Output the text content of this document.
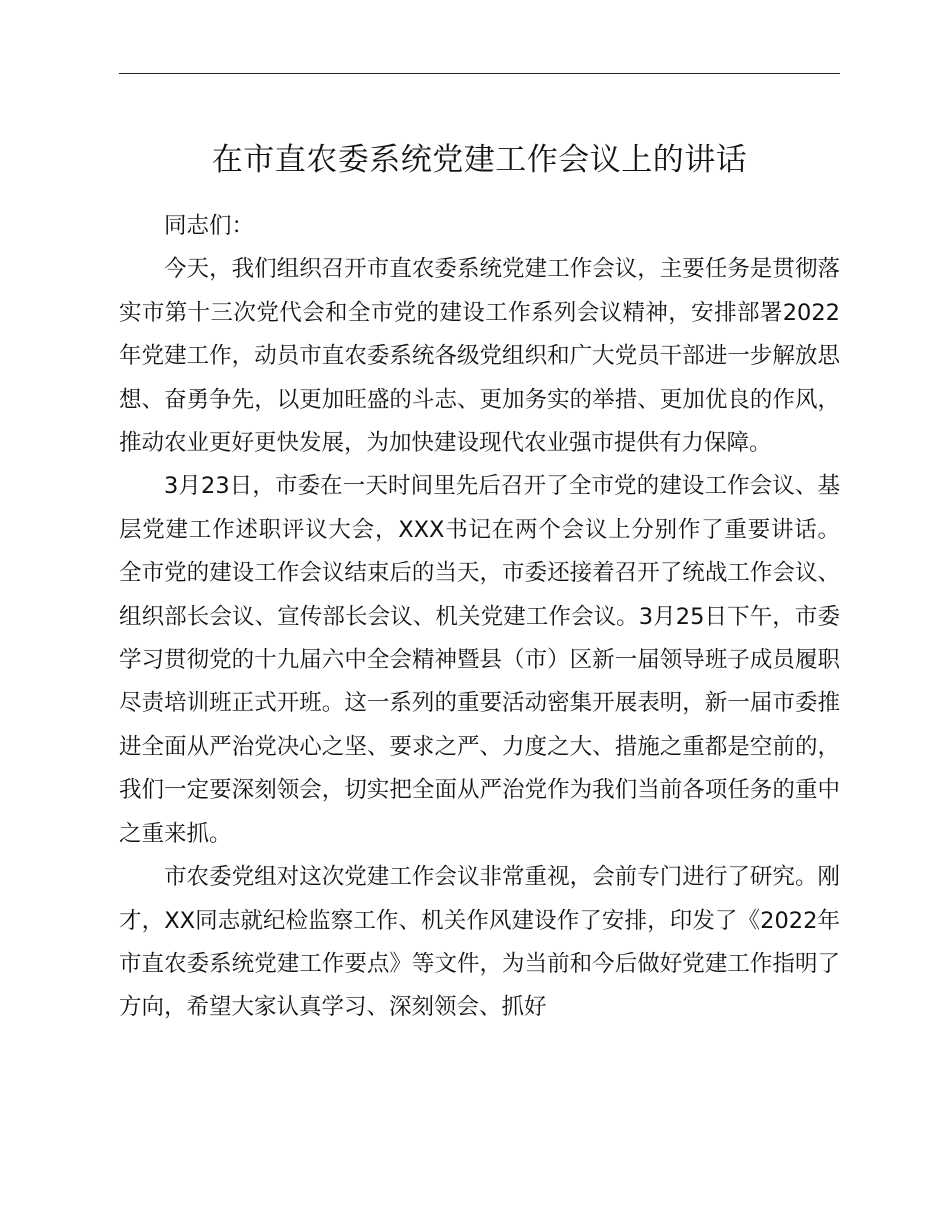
在市直农委系统党建工作会议上的讲话

同志们：

今天，我们组织召开市直农委系统党建工作会议，主要任务是贯彻落实市第十三次党代会和全市党的建设工作系列会议精神，安排部署2022年党建工作，动员市直农委系统各级党组织和广大党员干部进一步解放思想、奋勇争先，以更加旺盛的斗志、更加务实的举措、更加优良的作风，推动农业更好更快发展，为加快建设现代农业强市提供有力保障。

3月23日，市委在一天时间里先后召开了全市党的建设工作会议、基层党建工作述职评议大会，XXX书记在两个会议上分别作了重要讲话。全市党的建设工作会议结束后的当天，市委还接着召开了统战工作会议、组织部长会议、宣传部长会议、机关党建工作会议。3月25日下午，市委学习贯彻党的十九届六中全会精神暨县（市）区新一届领导班子成员履职尽责培训班正式开班。这一系列的重要活动密集开展表明，新一届市委推进全面从严治党决心之坚、要求之严、力度之大、措施之重都是空前的，我们一定要深刻领会，切实把全面从严治党作为我们当前各项任务的重中之重来抓。

市农委党组对这次党建工作会议非常重视，会前专门进行了研究。刚才，XX同志就纪检监察工作、机关作风建设作了安排，印发了《2022年市直农委系统党建工作要点》等文件，为当前和今后做好党建工作指明了方向，希望大家认真学习、深刻领会、抓好
